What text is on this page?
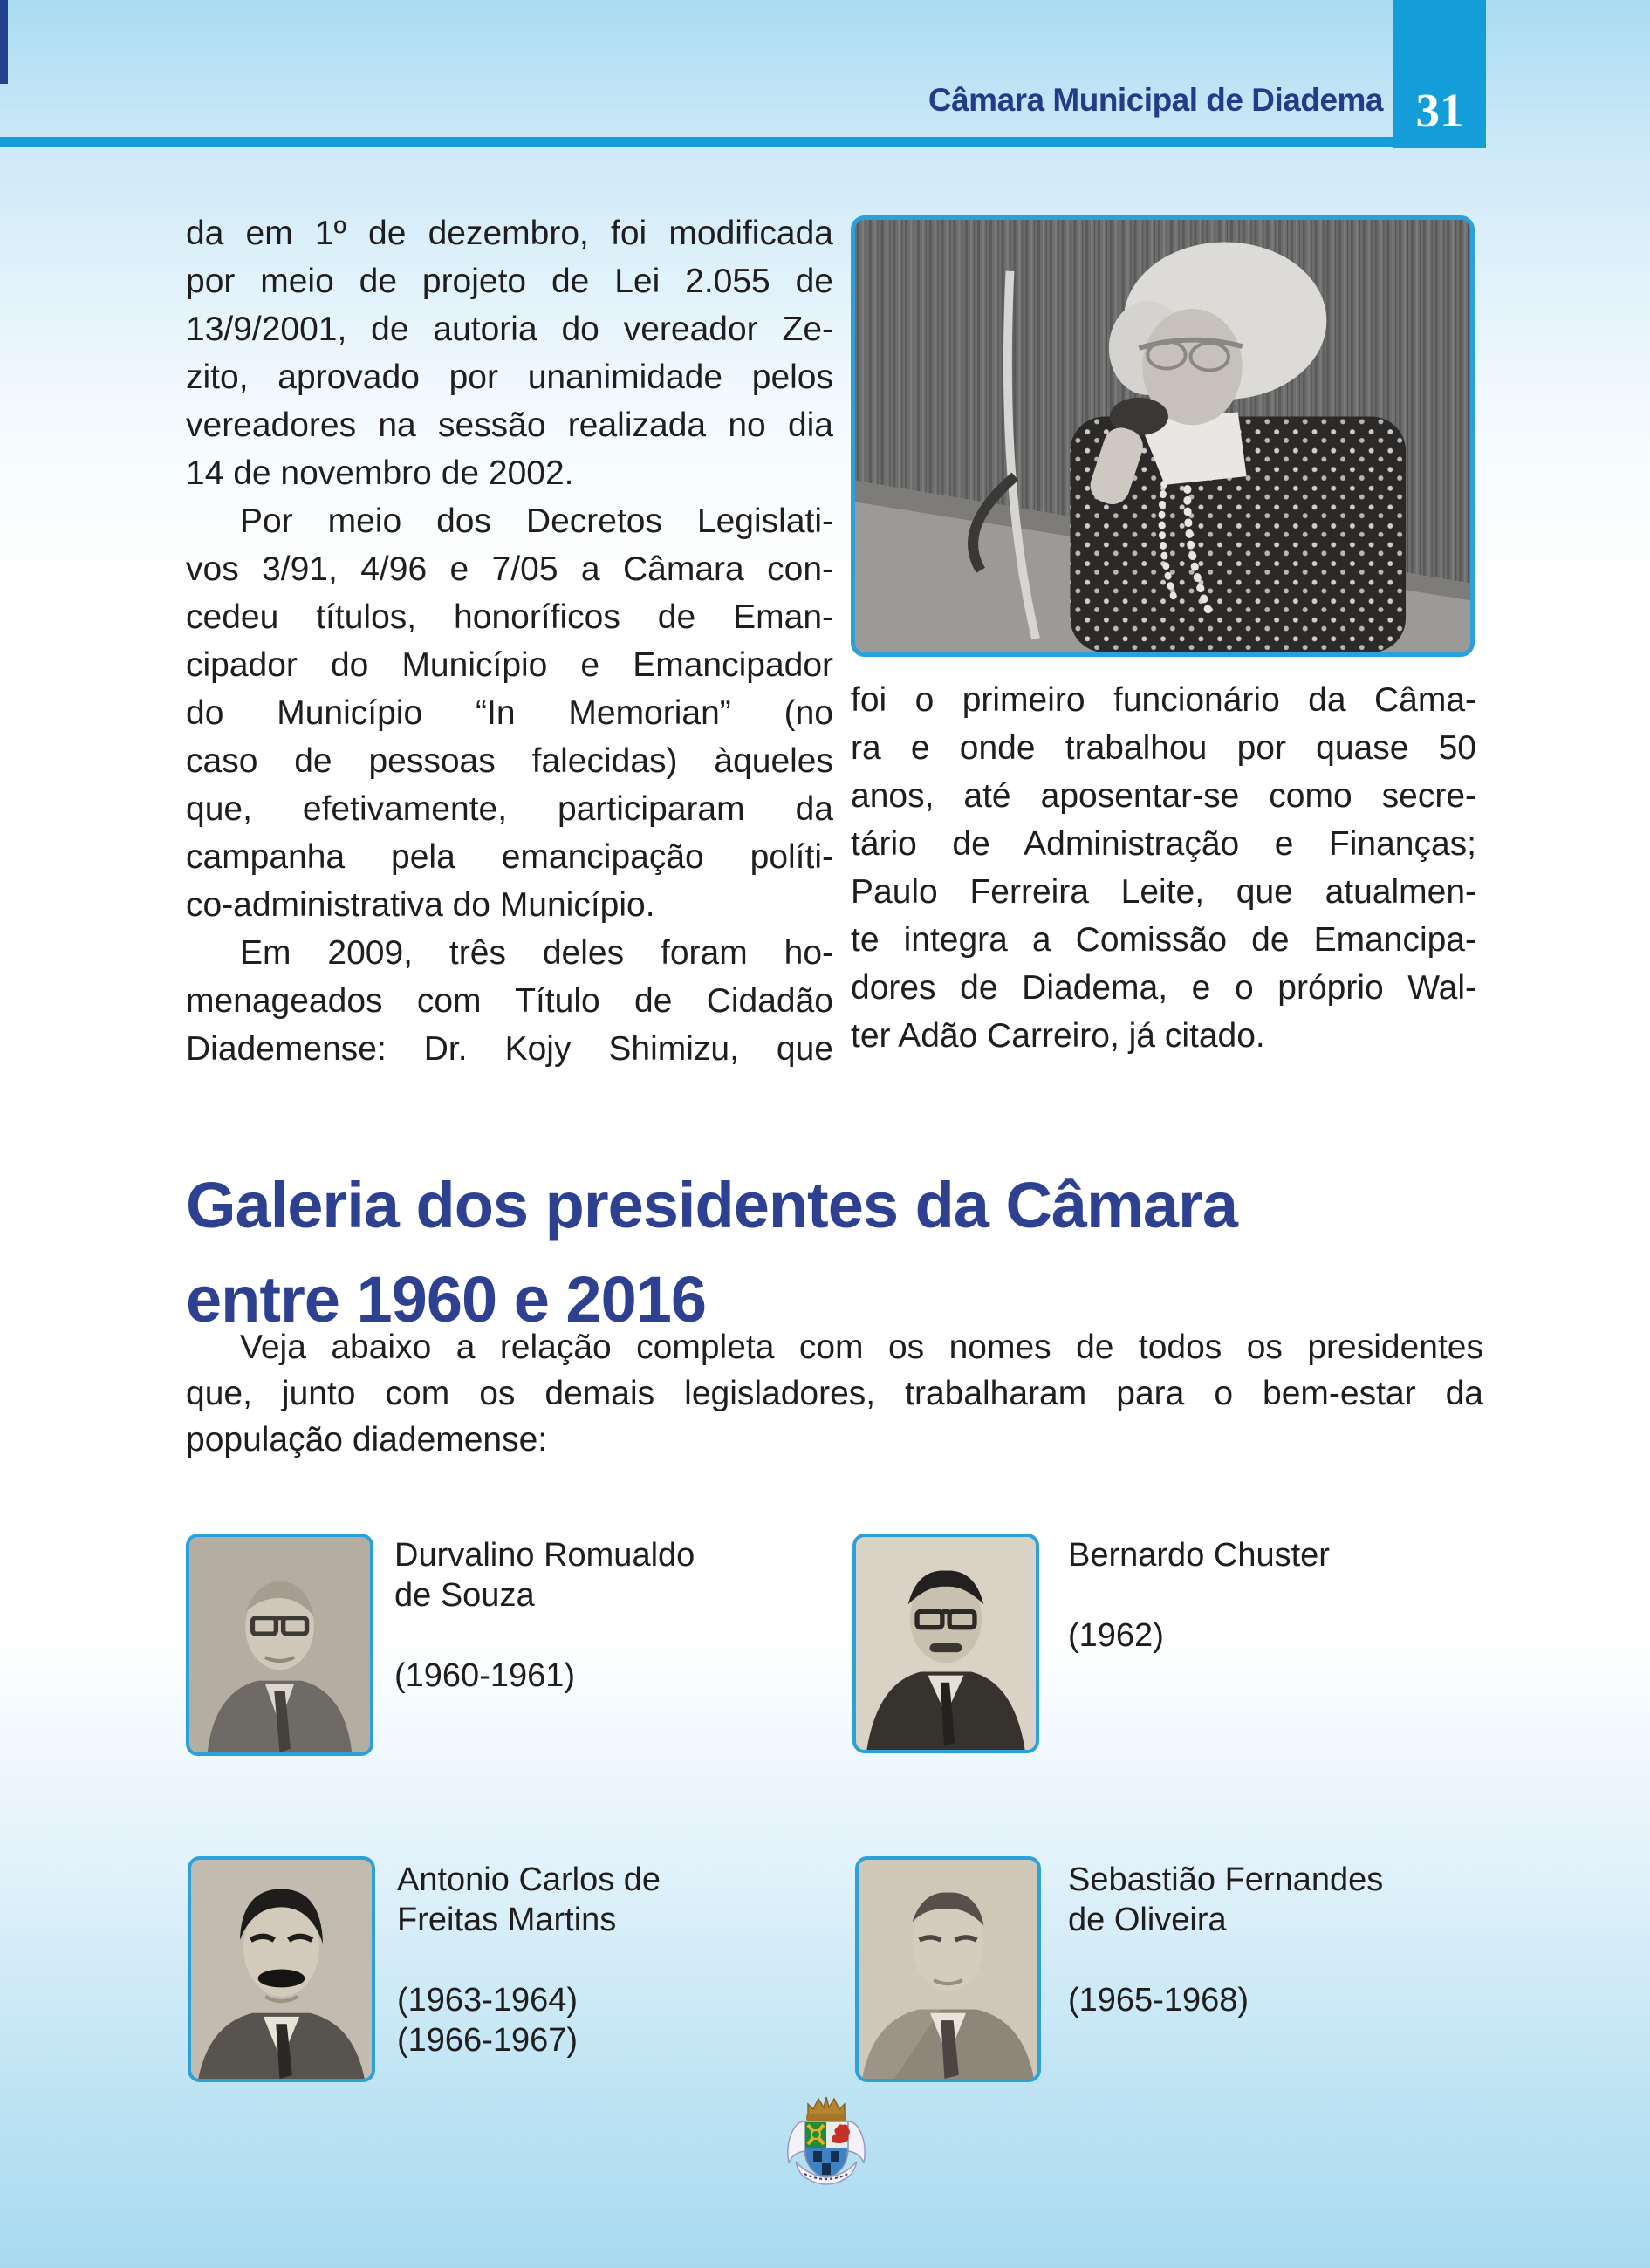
Câmara Municipal de Diadema 31
da em 1º de dezembro, foi modificada
por meio de projeto de Lei 2.055 de
13/9/2001, de autoria do vereador Ze-
zito, aprovado por unanimidade pelos
vereadores na sessão realizada no dia
14 de novembro de 2002.
Por meio dos Decretos Legislati-
vos 3/91, 4/96 e 7/05 a Câmara con-
cedeu títulos, honoríficos de Eman-
cipador do Município e Emancipador
do Município “In Memorian” (no
caso de pessoas falecidas) àqueles
que, efetivamente, participaram da
campanha pela emancipação políti-
co-administrativa do Município.
Em 2009, três deles foram ho-
menageados com Título de Cidadão
Diademense: Dr. Kojy Shimizu, que
foi o primeiro funcionário da Câma-
ra e onde trabalhou por quase 50
anos, até aposentar-se como secre-
tário de Administração e Finanças;
Paulo Ferreira Leite, que atualmen-
te integra a Comissão de Emancipa-
dores de Diadema, e o próprio Wal-
ter Adão Carreiro, já citado.
Galeria dos presidentes da Câmara
entre 1960 e 2016
Veja abaixo a relação completa com os nomes de todos os presidentes
que, junto com os demais legisladores, trabalharam para o bem-estar da
população diademense:
Durvalino Romualdo
de Souza
(1960-1961)
Bernardo Chuster
(1962)
Antonio Carlos de
Freitas Martins
(1963-1964)
(1966-1967)
Sebastião Fernandes
de Oliveira
(1965-1968)
